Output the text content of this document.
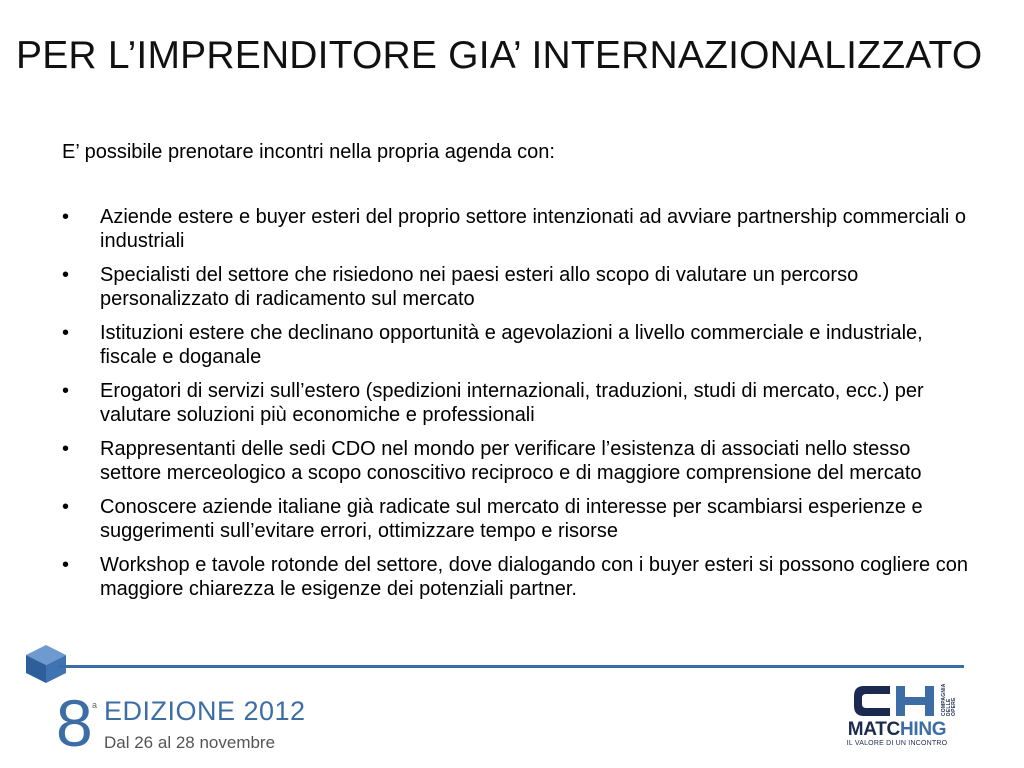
PER L’IMPRENDITORE GIA’ INTERNAZIONALIZZATO

E’ possibile prenotare incontri nella propria agenda con:

• Aziende estere e buyer esteri del proprio settore intenzionati ad avviare partnership commerciali o industriali
• Specialisti del settore che risiedono nei paesi esteri allo scopo di valutare un percorso personalizzato di radicamento sul mercato
• Istituzioni estere che declinano opportunità e agevolazioni a livello commerciale e industriale, fiscale e doganale
• Erogatori di servizi sull’estero (spedizioni internazionali, traduzioni, studi di mercato, ecc.) per valutare soluzioni più economiche e professionali
• Rappresentanti delle sedi CDO nel mondo per verificare l’esistenza di associati nello stesso settore merceologico a scopo conoscitivo reciproco e di maggiore comprensione del mercato
• Conoscere aziende italiane già radicate sul mercato di interesse per scambiarsi esperienze e suggerimenti sull’evitare errori, ottimizzare tempo e risorse
• Workshop e tavole rotonde del settore, dove dialogando con i buyer esteri si possono cogliere con maggiore chiarezza le esigenze dei potenziali partner.
8 a EDIZIONE 2012
Dal 26 al 28 novembre
COMPAGNIA DELLE OPERE
MATCHING
IL VALORE DI UN INCONTRO
